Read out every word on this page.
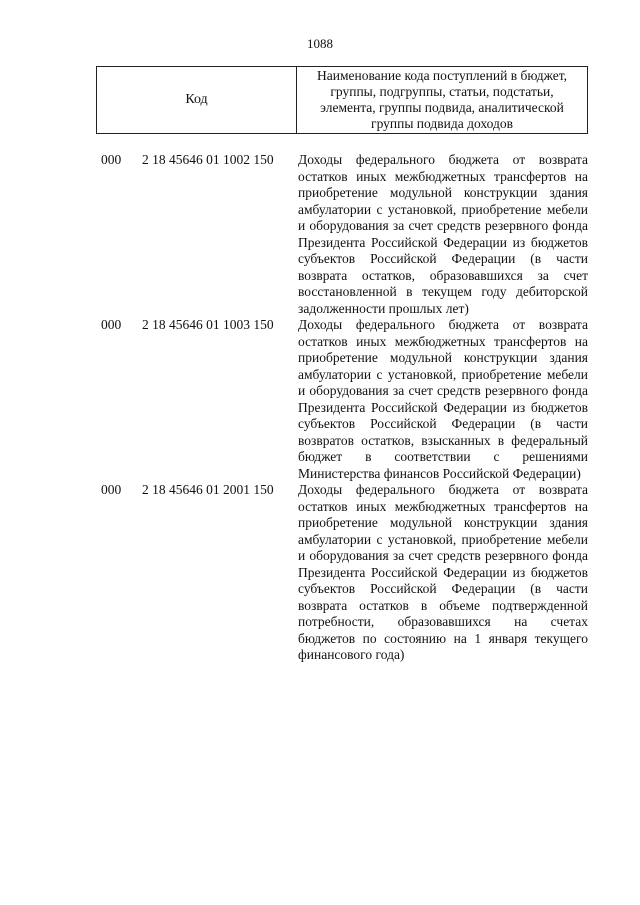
1088
Код
Наименование кода поступлений в бюджет, группы, подгруппы, статьи, подстатьи, элемента, группы подвида, аналитической группы подвида доходов
000 2 18 45646 01 1002 150 Доходы федерального бюджета от возврата остатков иных межбюджетных трансфертов на приобретение модульной конструкции здания амбулатории с установкой, приобретение мебели и оборудования за счет средств резервного фонда Президента Российской Федерации из бюджетов субъектов Российской Федерации (в части возврата остатков, образовавшихся за счет восстановленной в текущем году дебиторской задолженности прошлых лет)
000 2 18 45646 01 1003 150 Доходы федерального бюджета от возврата остатков иных межбюджетных трансфертов на приобретение модульной конструкции здания амбулатории с установкой, приобретение мебели и оборудования за счет средств резервного фонда Президента Российской Федерации из бюджетов субъектов Российской Федерации (в части возвратов остатков, взысканных в федеральный бюджет в соответствии с решениями Министерства финансов Российской Федерации)
000 2 18 45646 01 2001 150 Доходы федерального бюджета от возврата остатков иных межбюджетных трансфертов на приобретение модульной конструкции здания амбулатории с установкой, приобретение мебели и оборудования за счет средств резервного фонда Президента Российской Федерации из бюджетов субъектов Российской Федерации (в части возврата остатков в объеме подтвержденной потребности, образовавшихся на счетах бюджетов по состоянию на 1 января текущего финансового года)
